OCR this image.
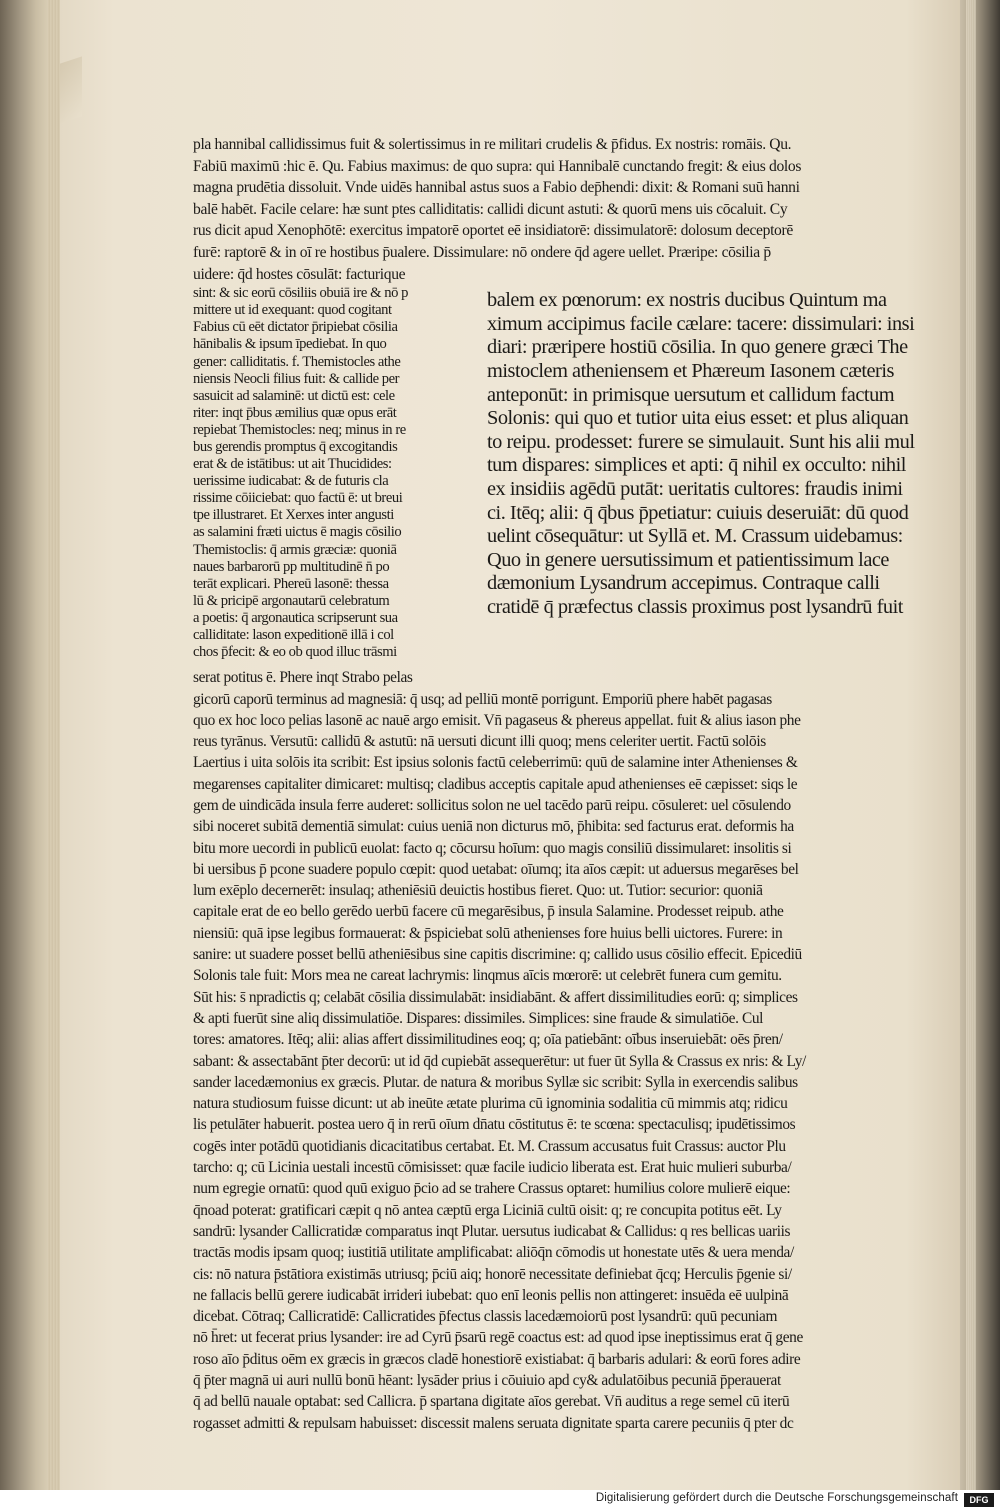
pla hannibal callidissimus fuit & solertissimus in re militari crudelis & p̄fidus. Ex nostris: romāis. Qu.
Fabiū maximū :hic ē. Qu. Fabius maximus: de quo supra: qui Hannibalē cunctando fregit: & eius dolos
magna prudētia dissoluit. Vnde uidēs hannibal astus suos a Fabio dep̄hendi: dixit: & Romani suū hanni
balē habēt. Facile celare: hæ sunt ptes calliditatis: callidi dicunt astuti: & quorū mens uis cōcaluit. Cy
rus dicit apud Xenophōtē: exercitus impatorē oportet eē insidiatorē: dissimulatorē: dolosum deceptorē
furē: raptorē & in oī re hostibus p̄ualere. Dissimulare: nō ondere q̄d agere uellet. Præripe: cōsilia p̄
uidere: q̄d hostes cōsulāt: facturique
sint: & sic eorū cōsiliis obuiā ire & nō p
mittere ut id exequant: quod cogitant
Fabius cū eēt dictator p̄ripiebat cōsilia
hānibalis & ipsum īpediebat. In quo
gener: calliditatis. f. Themistocles athe
niensis Neocli filius fuit: & callide per
sasuicit ad salaminē: ut dictū est: cele
riter: inqt p̄bus æmilius quæ opus erāt
repiebat Themistocles: neq; minus in re
bus gerendis promptus q̄ excogitandis
erat & de istātibus: ut ait Thucidides:
uerissime iudicabat: & de futuris cla
rissime cōiiciebat: quo factū ē: ut breui
tpe illustraret. Et Xerxes inter angusti
as salamini fræti uictus ē magis cōsilio
Themistoclis: q̄ armis græciæ: quoniā
naues barbarorū pp multitudinē n̄ po
terāt explicari. Phereū lasonē: thessa
lū & pricipē argonautarū celebratum
a poetis: q̄ argonautica scripserunt sua
calliditate: lason expeditionē illā i col
chos p̄fecit: & eo ob quod illuc trāsmi
balem ex pœnorum: ex nostris ducibus Quintum ma
ximum accipimus facile cælare: tacere: dissimulari: insi
diari: præripere hostiū cōsilia. In quo genere græci The
mistoclem atheniensem et Phæreum Iasonem cæteris
anteponūt: in primisque uersutum et callidum factum
Solonis: qui quo et tutior uita eius esset: et plus aliquan
to reipu. prodesset: furere se simulauit. Sunt his alii mul
tum dispares: simplices et apti: q̄ nihil ex occulto: nihil
ex insidiis agēdū putāt: ueritatis cultores: fraudis inimi
ci. Itēq; alii: q̄ q̄bus p̄petiatur: cuiuis deseruiāt: dū quod
uelint cōsequātur: ut Syllā et. M. Crassum uidebamus:
Quo in genere uersutissimum et patientissimum lace
dæmonium Lysandrum accepimus. Contraque calli
cratidē q̄ præfectus classis proximus post lysandrū fuit
serat potitus ē. Phere inqt Strabo pelas
gicorū caporū terminus ad magnesiā: q̄ usq; ad pelliū montē porrigunt. Emporiū phere habēt pagasas
quo ex hoc loco pelias lasonē ac nauē argo emisit. Vn̄ pagaseus & phereus appellat. fuit & alius iason phe
reus tyrānus. Versutū: callidū & astutū: nā uersuti dicunt illi quoq; mens celeriter uertit. Factū solōis
Laertius i uita solōis ita scribit: Est ipsius solonis factū celeberrimū: quū de salamine inter Athenienses &
megarenses capitaliter dimicaret: multisq; cladibus acceptis capitale apud athenienses eē cæpisset: siqs le
gem de uindicāda insula ferre auderet: sollicitus solon ne uel tacēdo parū reipu. cōsuleret: uel cōsulendo
sibi noceret subitā dementiā simulat: cuius ueniā non dicturus mō, p̄hibita: sed facturus erat. deformis ha
bitu more uecordi in publicū euolat: facto q; cōcursu hoīum: quo magis consiliū dissimularet: insolitis si
bi uersibus p̄ pcone suadere populo cœpit: quod uetabat: oīumq; ita aīos cæpit: ut aduersus megarēses bel
lum exēplo decernerēt: insulaq; atheniēsiū deuictis hostibus fieret. Quo: ut. Tutior: securior: quoniā
capitale erat de eo bello gerēdo uerbū facere cū megarēsibus, p̄ insula Salamine. Prodesset reipub. athe
niensiū: quā ipse legibus formauerat: & p̄spiciebat solū athenienses fore huius belli uictores. Furere: in
sanire: ut suadere posset bellū atheniēsibus sine capitis discrimine: q; callido usus cōsilio effecit. Epicediū
Solonis tale fuit: Mors mea ne careat lachrymis: linqmus aīcis mœrorē: ut celebrēt funera cum gemitu.
Sūt his: s̄ npradictis q; celabāt cōsilia dissimulabāt: insidiabānt. & affert dissimilitudies eorū: q; simplices
& apti fuerūt sine aliq dissimulatiōe. Dispares: dissimiles. Simplices: sine fraude & simulatiōe. Cul
tores: amatores. Itēq; alii: alias affert dissimilitudines eoq; q; oīa patiebānt: oībus inseruiebāt: oēs p̄ren/
sabant: & assectabānt p̄ter decorū: ut id q̄d cupiebāt assequerētur: ut fuer ūt Sylla & Crassus ex nris: & Ly/
sander lacedæmonius ex græcis. Plutar. de natura & moribus Syllæ sic scribit: Sylla in exercendis salibus
natura studiosum fuisse dicunt: ut ab ineūte ætate plurima cū ignominia sodalitia cū mimmis atq; ridicu
lis petulāter habuerit. postea uero q̄ in rerū oīum dn̄atu cōstitutus ē: te scœna: spectaculisq; ipudētissimos
cogēs inter potādū quotidianis dicacitatibus certabat. Et. M. Crassum accusatus fuit Crassus: auctor Plu
tarcho: q; cū Licinia uestali incestū cōmisisset: quæ facile iudicio liberata est. Erat huic mulieri suburba/
num egregie ornatū: quod quū exiguo p̄cio ad se trahere Crassus optaret: humilius colore mulierē eique:
q̄noad poterat: gratificari cæpit q nō antea cæptū erga Liciniā cultū oisit: q; re concupita potitus eēt. Ly
sandrū: lysander Callicratidæ comparatus inqt Plutar. uersutus iudicabat & Callidus: q res bellicas uariis
tractās modis ipsam quoq; iustitiā utilitate amplificabat: aliōq̄n cōmodis ut honestate utēs & uera menda/
cis: nō natura p̄stātiora existimās utriusq; p̄ciū aiq; honorē necessitate definiebat q̄cq; Herculis p̄genie si/
ne fallacis bellū gerere iudicabāt irrideri iubebat: quo enī leonis pellis non attingeret: insuēda eē uulpinā
dicebat. Cōtraq; Callicratidē: Callicratides p̄fectus classis lacedæmoiorū post lysandrū: quū pecuniam
nō h̄ret: ut fecerat prius lysander: ire ad Cyrū p̄sarū regē coactus est: ad quod ipse ineptissimus erat q̄ gene
roso aīo p̄ditus oēm ex græcis in græcos cladē honestiorē existiabat: q̄ barbaris adulari: & eorū fores adire
q̄ p̄ter magnā ui auri nullū bonū hēant: lysāder prius i cōuiuio apd cy& adulatōibus pecuniā p̄perauerat
q̄ ad bellū nauale optabat: sed Callicra. p̄ spartana digitate aīos gerebat. Vn̄ auditus a rege semel cū iterū
rogasset admitti & repulsam habuisset: discessit malens seruata dignitate sparta carere pecuniis q̄ pter dc
Digitalisierung gefördert durch die Deutsche Forschungsgemeinschaft	DFG
